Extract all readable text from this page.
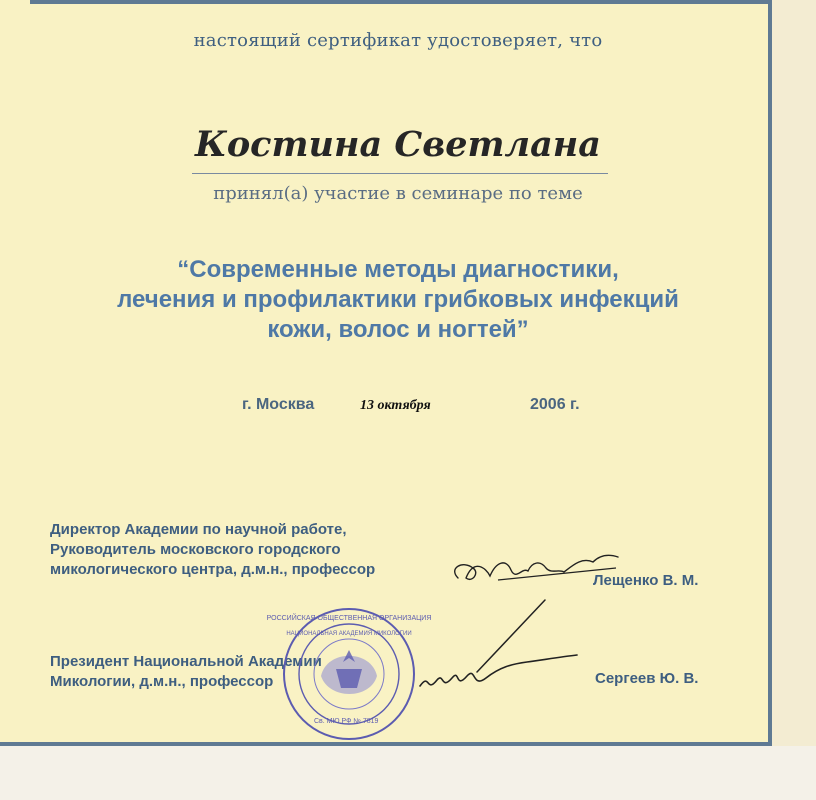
настоящий сертификат удостоверяет, что
Костина Светлана
принял(а) участие в семинаре по теме
“Современные методы диагностики,
лечения и профилактики грибковых инфекций
кожи, волос и ногтей”
г. Москва	13 октября	2006 г.
Директор Академии по научной работе,
Руководитель московского городского
микологического центра, д.м.н., профессор
Лещенко В. М.
Президент Национальной Академии
Микологии, д.м.н., профессор	Сергеев Ю. В.
РОССИЙСКАЯ ОБЩЕСТВЕННАЯ ОРГАНИЗАЦИЯ
НАЦИОНАЛЬНАЯ АКАДЕМИЯ МИКОЛОГИИ
Св. МЮ РФ № 7819
